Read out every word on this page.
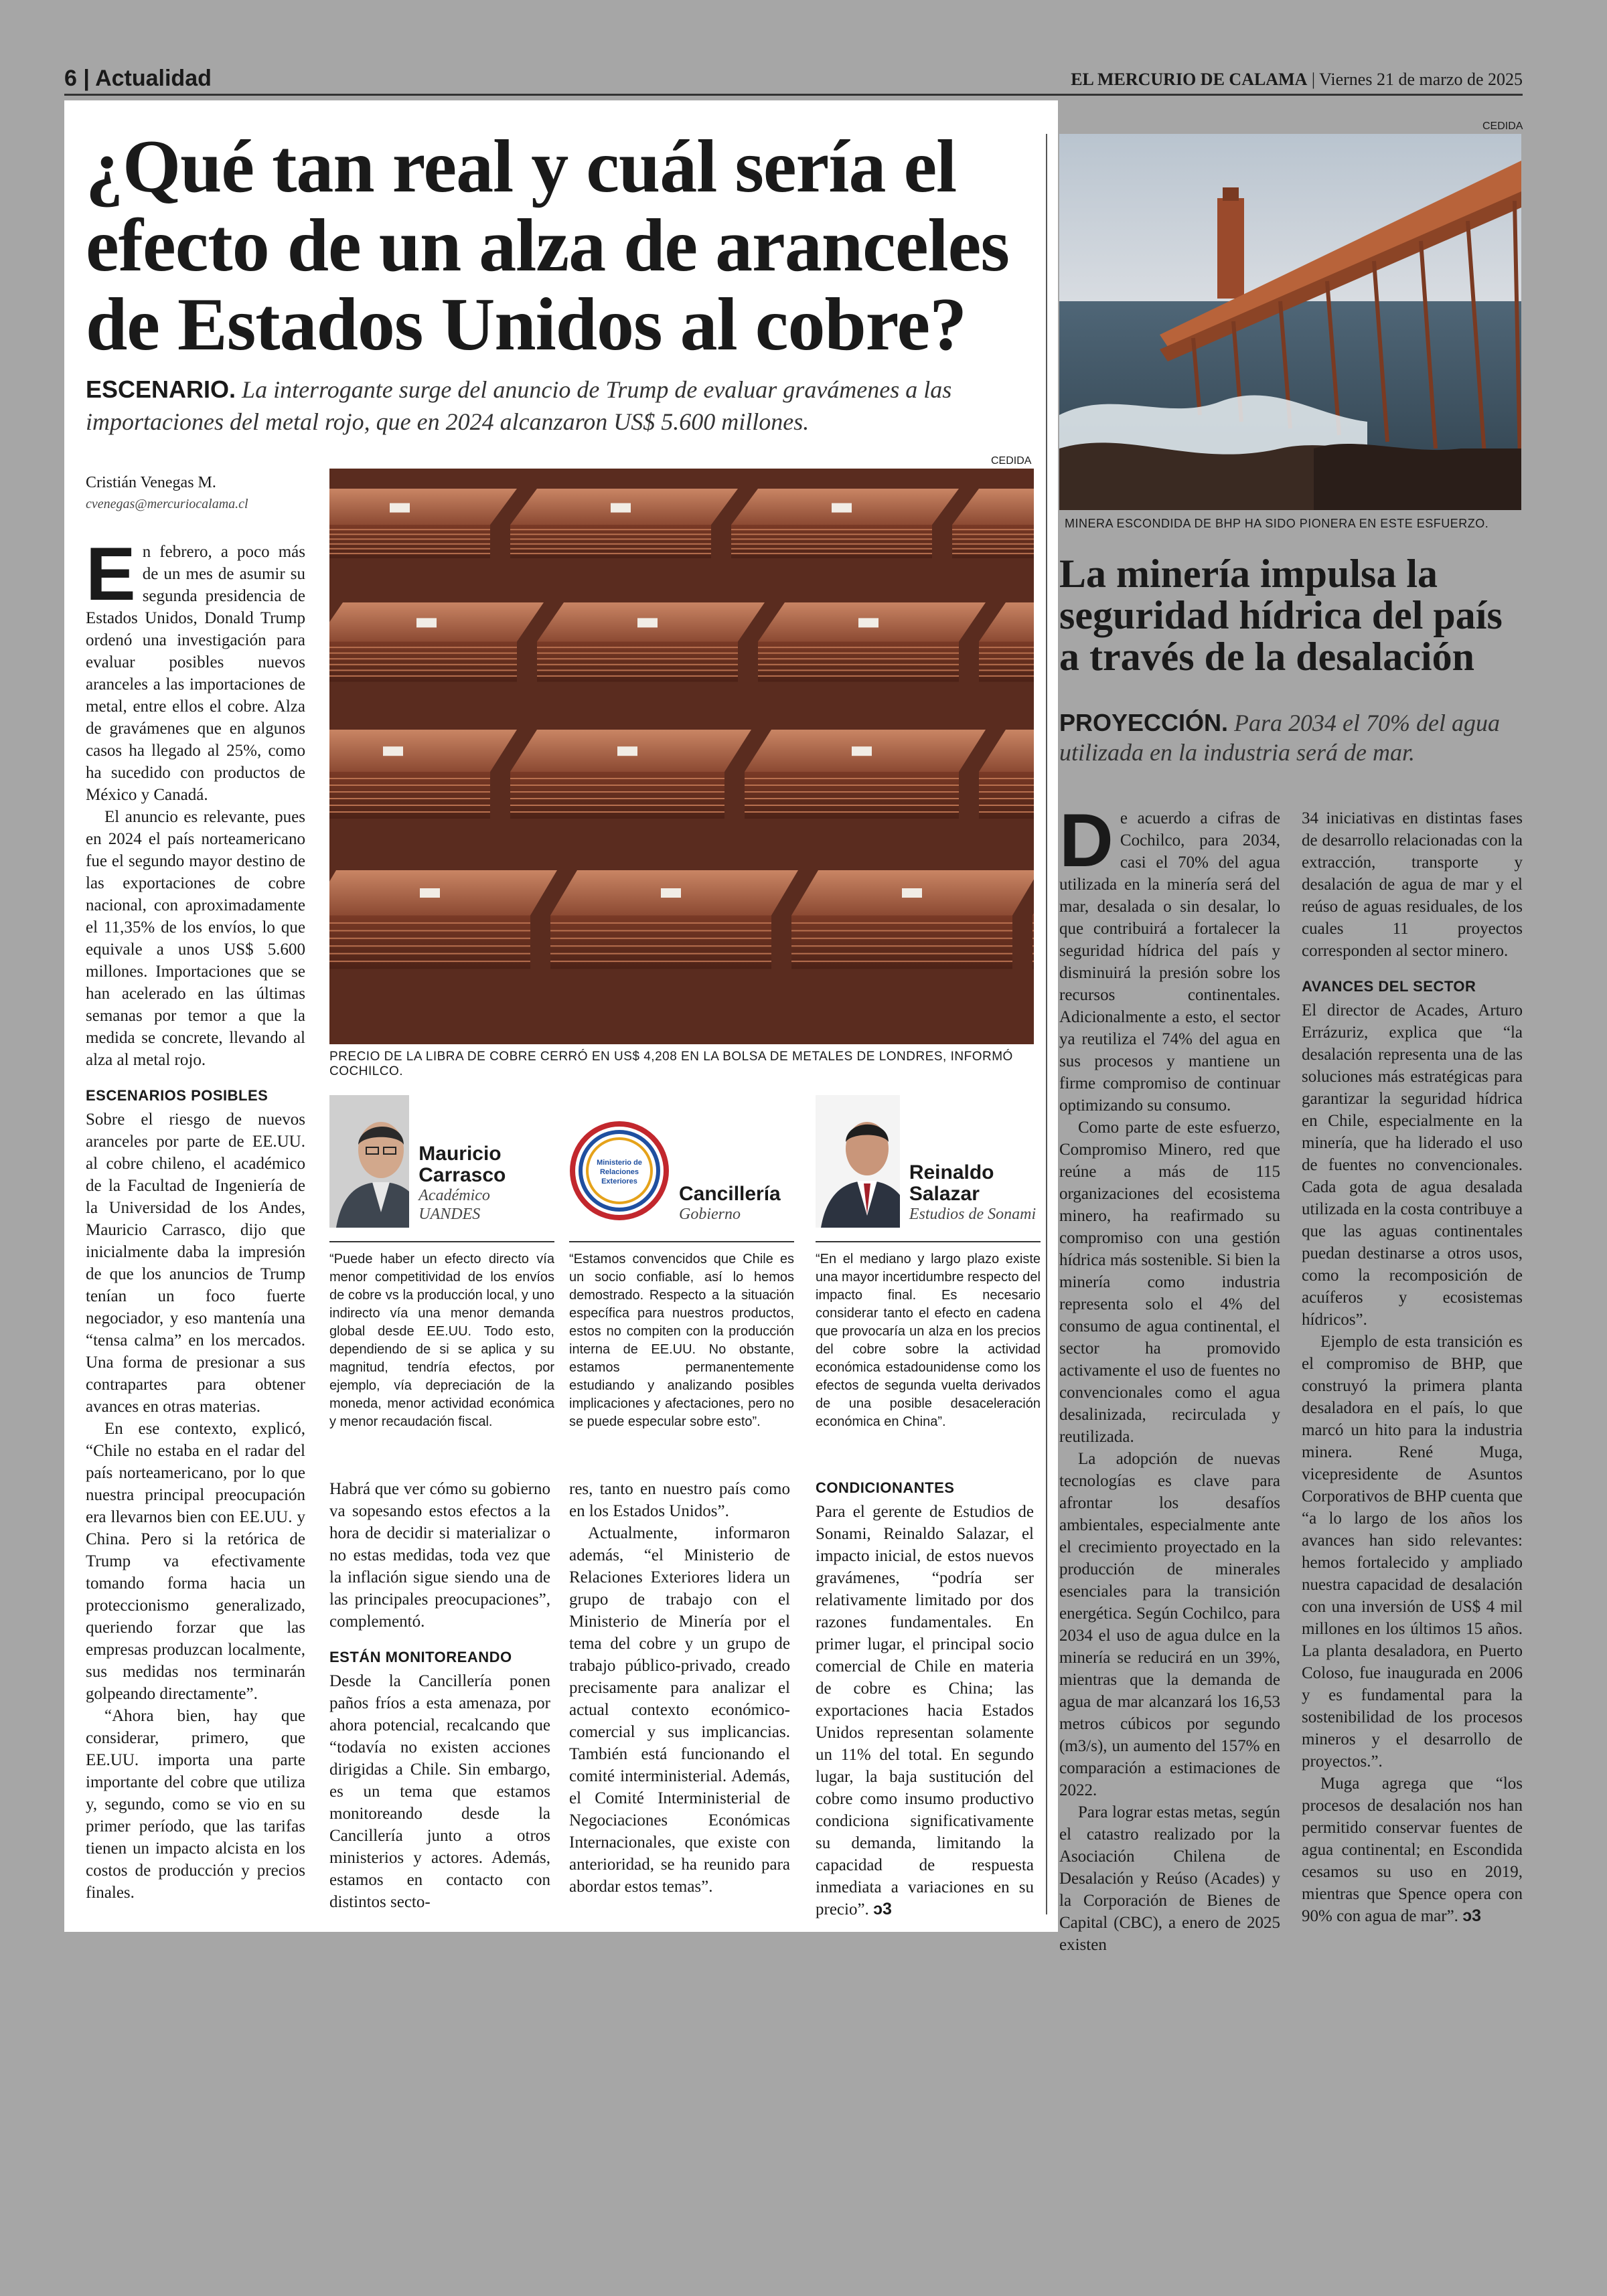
6 | Actualidad	EL MERCURIO DE CALAMA | Viernes 21 de marzo de 2025
¿Qué tan real y cuál sería el efecto de un alza de aranceles de Estados Unidos al cobre?
ESCENARIO. La interrogante surge del anuncio de Trump de evaluar gravámenes a las importaciones del metal rojo, que en 2024 alcanzaron US$ 5.600 millones.
Cristián Venegas M.
cvenegas@mercuriocalama.cl

En febrero, a poco más de un mes de asumir su segunda presidencia de Estados Unidos, Donald Trump ordenó una investigación para evaluar posibles nuevos aranceles a las importaciones de metal, entre ellos el cobre. Alza de gravámenes que en algunos casos ha llegado al 25%, como ha sucedido con productos de México y Canadá.

El anuncio es relevante, pues en 2024 el país norteamericano fue el segundo mayor destino de las exportaciones de cobre nacional, con aproximadamente el 11,35% de los envíos, lo que equivale a unos US$ 5.600 millones. Importaciones que se han acelerado en las últimas semanas por temor a que la medida se concrete, llevando al alza al metal rojo.

ESCENARIOS POSIBLES

Sobre el riesgo de nuevos aranceles por parte de EE.UU. al cobre chileno, el académico de la Facultad de Ingeniería de la Universidad de los Andes, Mauricio Carrasco, dijo que inicialmente daba la impresión de que los anuncios de Trump tenían un foco fuerte negociador, y eso mantenía una “tensa calma” en los mercados. Una forma de presionar a sus contrapartes para obtener avances en otras materias.

En ese contexto, explicó, “Chile no estaba en el radar del país norteamericano, por lo que nuestra principal preocupación era llevarnos bien con EE.UU. y China. Pero si la retórica de Trump va efectivamente tomando forma hacia un proteccionismo generalizado, queriendo forzar que las empresas produzcan localmente, sus medidas nos terminarán golpeando directamente”.

“Ahora bien, hay que considerar, primero, que EE.UU. importa una parte importante del cobre que utiliza y, segundo, como se vio en su primer período, que las tarifas tienen un impacto alcista en los costos de producción y precios finales.

CEDIDA
PRECIO DE LA LIBRA DE COBRE CERRÓ EN US$ 4,208 EN LA BOLSA DE METALES DE LONDRES, INFORMÓ COCHILCO.
Mauricio Carrasco
Académico UANDES
“Puede haber un efecto directo vía menor competitividad de los envíos de cobre vs la producción local, y uno indirecto vía una menor demanda global desde EE.UU. Todo esto, dependiendo de si se aplica y su magnitud, tendría efectos, por ejemplo, vía depreciación de la moneda, menor actividad económica y menor recaudación fiscal.
Ministerio de
Relaciones
Exteriores
Cancillería
Gobierno
“Estamos convencidos que Chile es un socio confiable, así lo hemos demostrado. Respecto a la situación específica para nuestros productos, estos no compiten con la producción interna de EE.UU. No obstante, estamos permanentemente estudiando y analizando posibles implicaciones y afectaciones, pero no se puede especular sobre esto”.
Reinaldo Salazar
Estudios de Sonami
“En el mediano y largo plazo existe una mayor incertidumbre respecto del impacto final. Es necesario considerar tanto el efecto en cadena que provocaría un alza en los precios del cobre sobre la actividad económica estadounidense como los efectos de segunda vuelta derivados de una posible desaceleración económica en China”.

Habrá que ver cómo su gobierno va sopesando estos efectos a la hora de decidir si materializar o no estas medidas, toda vez que la inflación sigue siendo una de las principales preocupaciones”, complementó.

ESTÁN MONITOREANDO

Desde la Cancillería ponen paños fríos a esta amenaza, por ahora potencial, recalcando que “todavía no existen acciones dirigidas a Chile. Sin embargo, es un tema que estamos monitoreando desde la Cancillería junto a otros ministerios y actores. Además, estamos en contacto con distintos secto-

res, tanto en nuestro país como en los Estados Unidos”.

Actualmente, informaron además, “el Ministerio de Relaciones Exteriores lidera un grupo de trabajo con el Ministerio de Minería por el tema del cobre y un grupo de trabajo público-privado, creado precisamente para analizar el actual contexto económico-comercial y sus implicancias. También está funcionando el comité interministerial. Además, el Comité Interministerial de Negociaciones Económicas Internacionales, que existe con anterioridad, se ha reunido para abordar estos temas”.

CONDICIONANTES

Para el gerente de Estudios de Sonami, Reinaldo Salazar, el impacto inicial, de estos nuevos gravámenes, “podría ser relativamente limitado por dos razones fundamentales. En primer lugar, el principal socio comercial de Chile en materia de cobre es China; las exportaciones hacia Estados Unidos representan solamente un 11% del total. En segundo lugar, la baja sustitución del cobre como insumo productivo condiciona significativamente su demanda, limitando la capacidad de respuesta inmediata a variaciones en su precio”. ↄ3

CEDIDA
MINERA ESCONDIDA DE BHP HA SIDO PIONERA EN ESTE ESFUERZO.
La minería impulsa la seguridad hídrica del país a través de la desalación
PROYECCIÓN. Para 2034 el 70% del agua utilizada en la industria será de mar.

De acuerdo a cifras de Cochilco, para 2034, casi el 70% del agua utilizada en la minería será del mar, desalada o sin desalar, lo que contribuirá a fortalecer la seguridad hídrica del país y disminuirá la presión sobre los recursos continentales. Adicionalmente a esto, el sector ya reutiliza el 74% del agua en sus procesos y mantiene un firme compromiso de continuar optimizando su consumo.

Como parte de este esfuerzo, Compromiso Minero, red que reúne a más de 115 organizaciones del ecosistema minero, ha reafirmado su compromiso con una gestión hídrica más sostenible. Si bien la minería como industria representa solo el 4% del consumo de agua continental, el sector ha promovido activamente el uso de fuentes no convencionales como el agua desalinizada, recirculada y reutilizada.

La adopción de nuevas tecnologías es clave para afrontar los desafíos ambientales, especialmente ante el crecimiento proyectado en la producción de minerales esenciales para la transición energética. Según Cochilco, para 2034 el uso de agua dulce en la minería se reducirá en un 39%, mientras que la demanda de agua de mar alcanzará los 16,53 metros cúbicos por segundo (m3/s), un aumento del 157% en comparación a estimaciones de 2022.

Para lograr estas metas, según el catastro realizado por la Asociación Chilena de Desalación y Reúso (Acades) y la Corporación de Bienes de Capital (CBC), a enero de 2025 existen

34 iniciativas en distintas fases de desarrollo relacionadas con la extracción, transporte y desalación de agua de mar y el reúso de aguas residuales, de los cuales 11 proyectos corresponden al sector minero.

AVANCES DEL SECTOR

El director de Acades, Arturo Errázuriz, explica que “la desalación representa una de las soluciones más estratégicas para garantizar la seguridad hídrica en Chile, especialmente en la minería, que ha liderado el uso de fuentes no convencionales. Cada gota de agua desalada utilizada en la costa contribuye a que las aguas continentales puedan destinarse a otros usos, como la recomposición de acuíferos y ecosistemas hídricos”.

Ejemplo de esta transición es el compromiso de BHP, que construyó la primera planta desaladora en el país, lo que marcó un hito para la industria minera. René Muga, vicepresidente de Asuntos Corporativos de BHP cuenta que “a lo largo de los años los avances han sido relevantes: hemos fortalecido y ampliado nuestra capacidad de desalación con una inversión de US$ 4 mil millones en los últimos 15 años. La planta desaladora, en Puerto Coloso, fue inaugurada en 2006 y es fundamental para la sostenibilidad de los procesos mineros y el desarrollo de proyectos.”.

Muga agrega que “los procesos de desalación nos han permitido conservar fuentes de agua continental; en Escondida cesamos su uso en 2019, mientras que Spence opera con 90% con agua de mar”. ↄ3
